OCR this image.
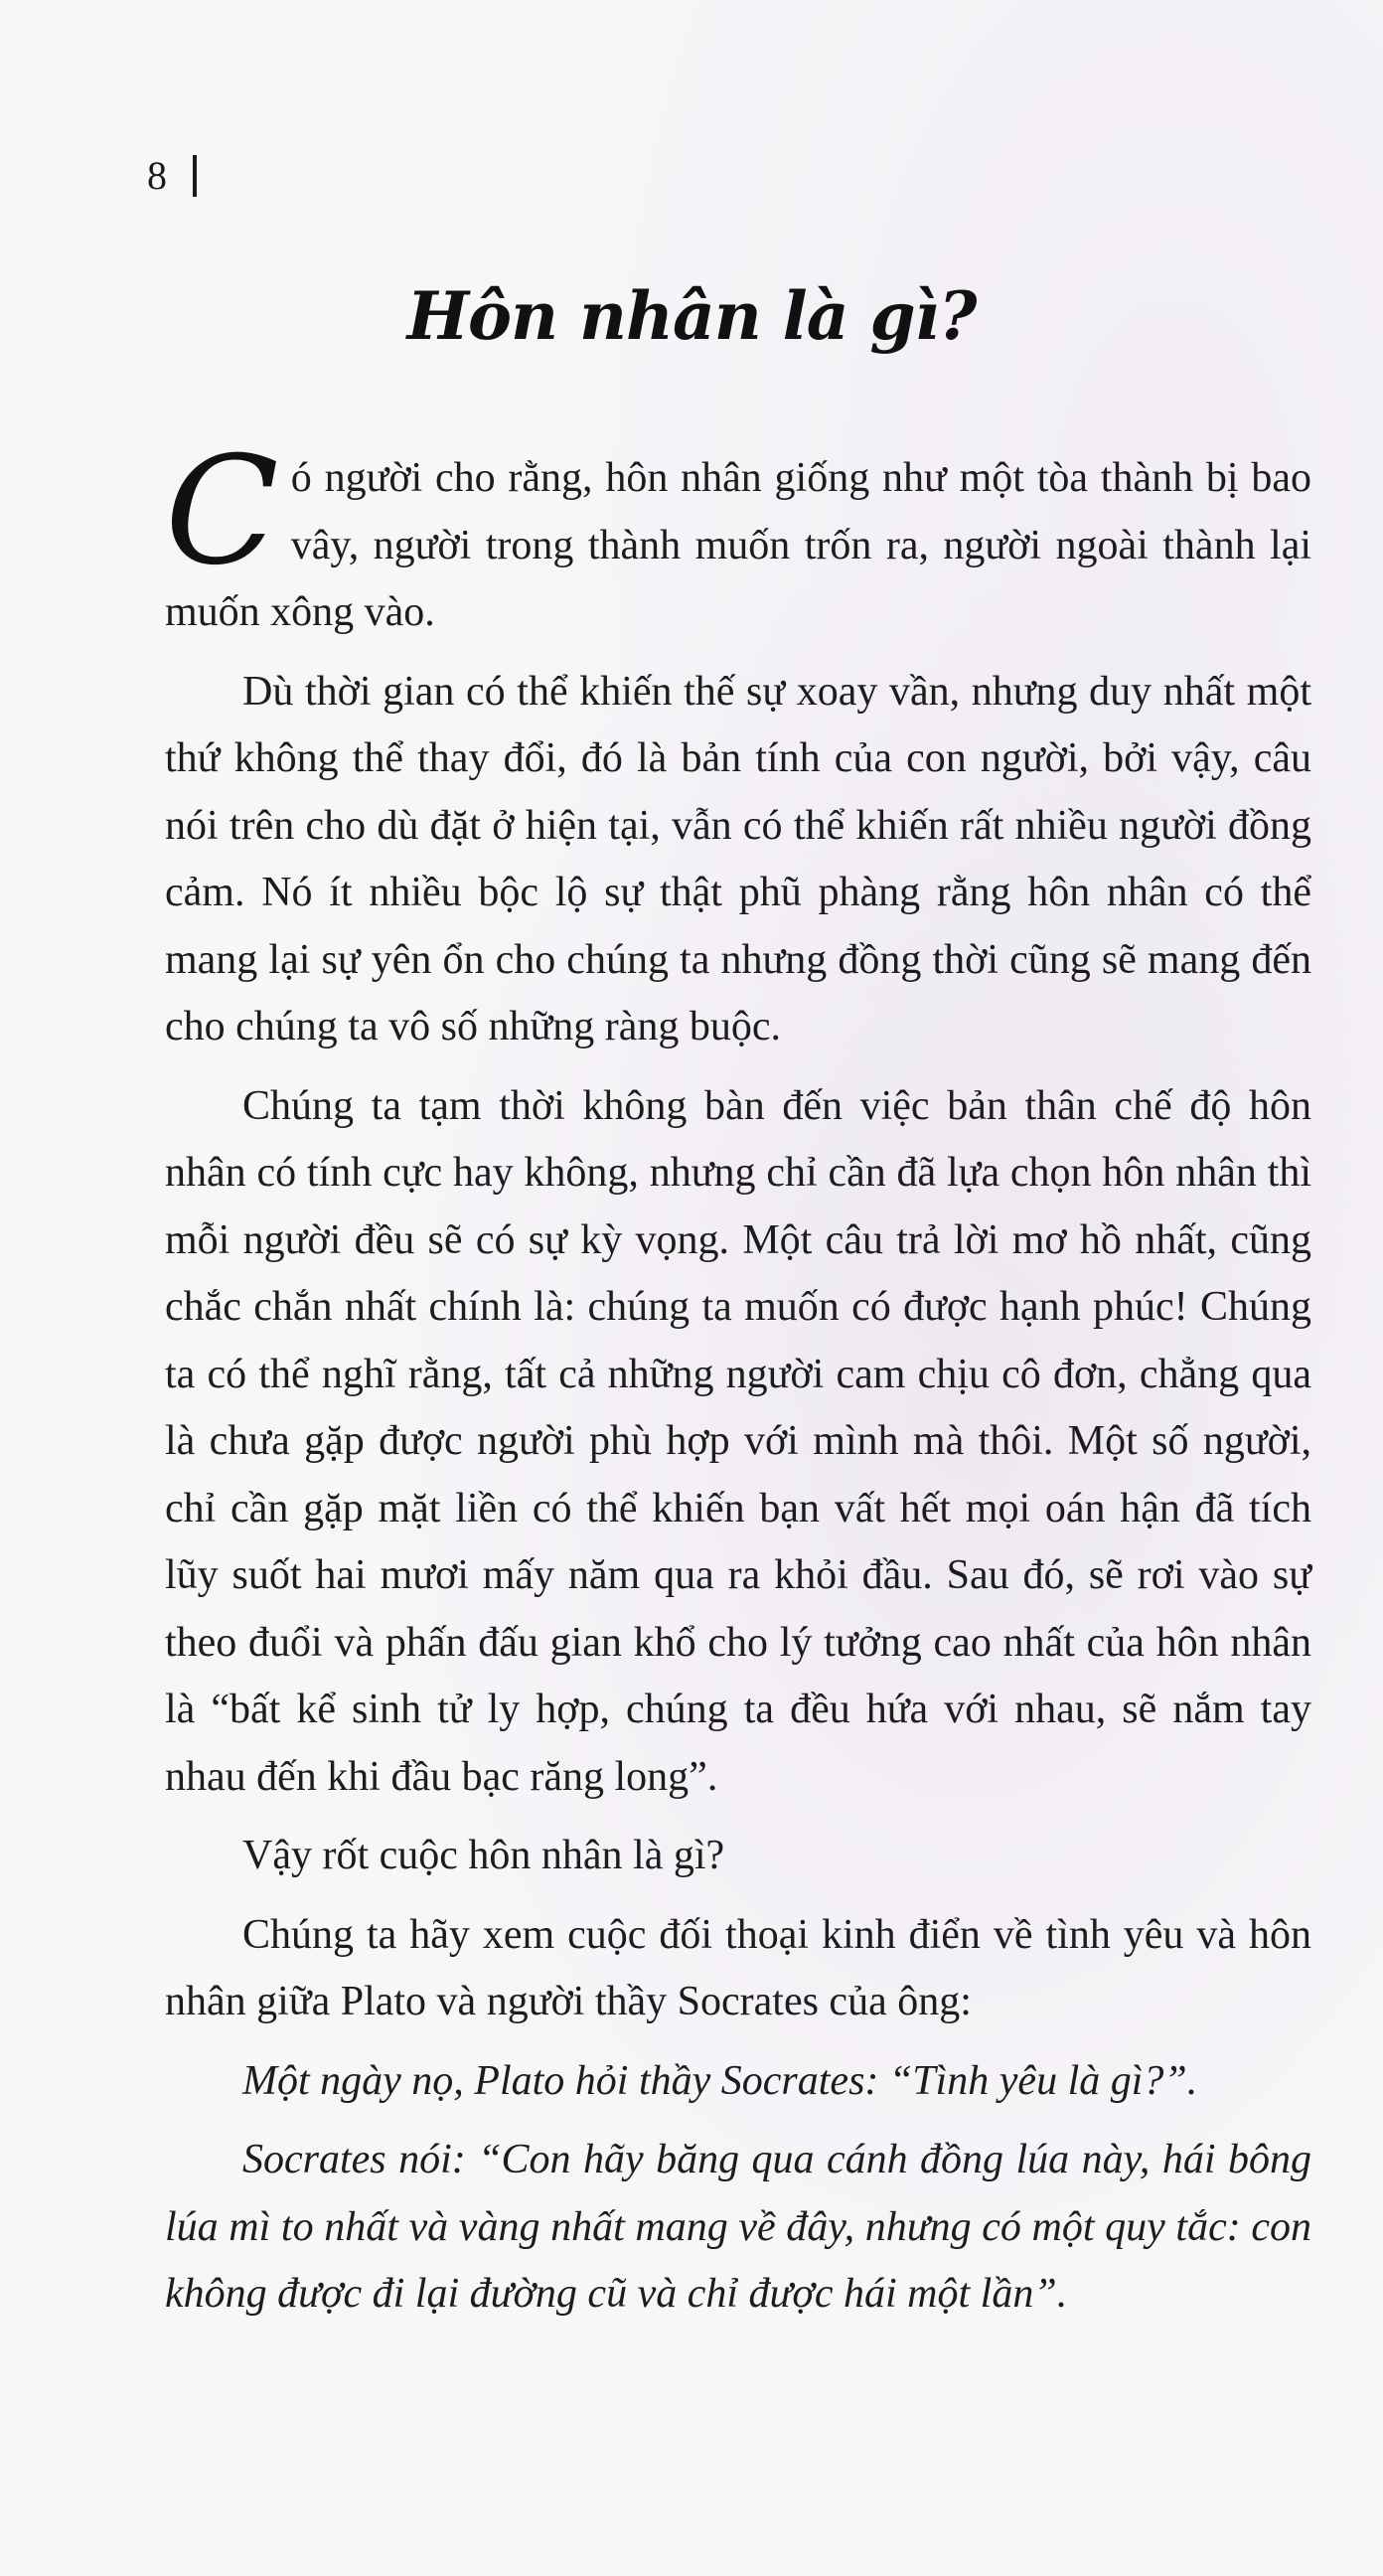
8
Hôn nhân là gì?

Có người cho rằng, hôn nhân giống như một tòa thành bị bao vây, người trong thành muốn trốn ra, người ngoài thành lại muốn xông vào.

Dù thời gian có thể khiến thế sự xoay vần, nhưng duy nhất một thứ không thể thay đổi, đó là bản tính của con người, bởi vậy, câu nói trên cho dù đặt ở hiện tại, vẫn có thể khiến rất nhiều người đồng cảm. Nó ít nhiều bộc lộ sự thật phũ phàng rằng hôn nhân có thể mang lại sự yên ổn cho chúng ta nhưng đồng thời cũng sẽ mang đến cho chúng ta vô số những ràng buộc.

Chúng ta tạm thời không bàn đến việc bản thân chế độ hôn nhân có tính cực hay không, nhưng chỉ cần đã lựa chọn hôn nhân thì mỗi người đều sẽ có sự kỳ vọng. Một câu trả lời mơ hồ nhất, cũng chắc chắn nhất chính là: chúng ta muốn có được hạnh phúc! Chúng ta có thể nghĩ rằng, tất cả những người cam chịu cô đơn, chẳng qua là chưa gặp được người phù hợp với mình mà thôi. Một số người, chỉ cần gặp mặt liền có thể khiến bạn vất hết mọi oán hận đã tích lũy suốt hai mươi mấy năm qua ra khỏi đầu. Sau đó, sẽ rơi vào sự theo đuổi và phấn đấu gian khổ cho lý tưởng cao nhất của hôn nhân là “bất kể sinh tử ly hợp, chúng ta đều hứa với nhau, sẽ nắm tay nhau đến khi đầu bạc răng long”.

Vậy rốt cuộc hôn nhân là gì?

Chúng ta hãy xem cuộc đối thoại kinh điển về tình yêu và hôn nhân giữa Plato và người thầy Socrates của ông:

Một ngày nọ, Plato hỏi thầy Socrates: “Tình yêu là gì?”.

Socrates nói: “Con hãy băng qua cánh đồng lúa này, hái bông lúa mì to nhất và vàng nhất mang về đây, nhưng có một quy tắc: con không được đi lại đường cũ và chỉ được hái một lần”.
